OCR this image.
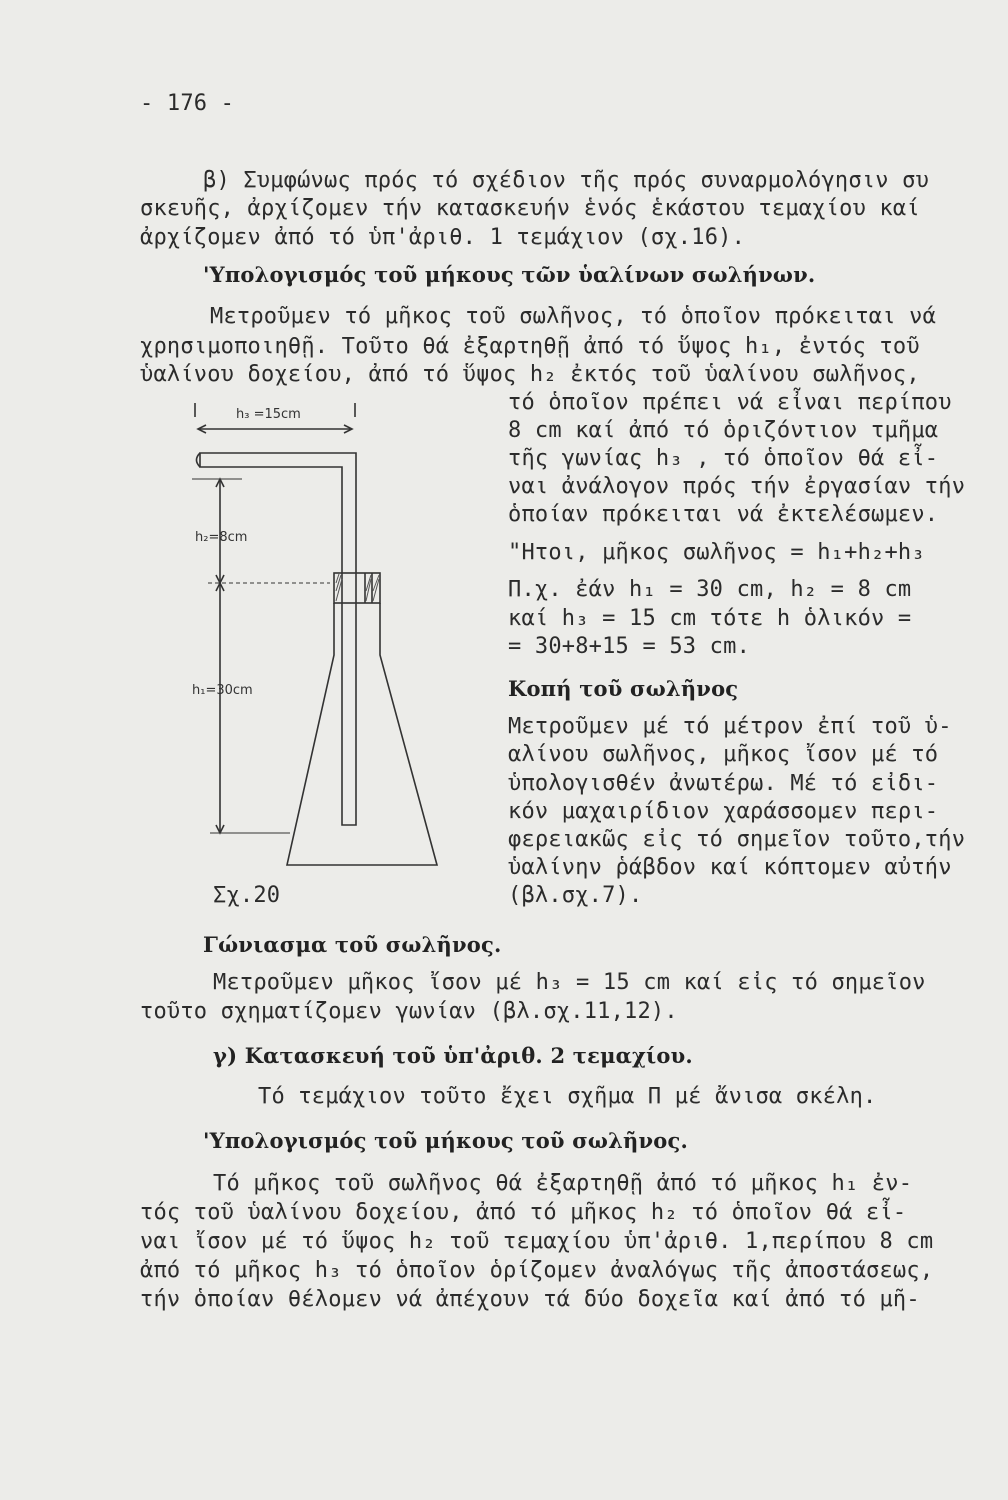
- 176 -
β) Συμφώνως πρός τό σχέδιον τῆς πρός συναρμολόγησιν συ
σκευῆς, ἀρχίζομεν τήν κατασκευήν ἑνός ἑκάστου τεμαχίου καί
ἀρχίζομεν ἀπό τό ὑπ'ἀριθ. 1 τεμάχιον (σχ.16).
'Υπολογισμός τοῦ μήκους τῶν ὑαλίνων σωλήνων.
Μετροῦμεν τό μῆκος τοῦ σωλῆνος, τό ὁποῖον πρόκειται νά
χρησιμοποιηθῇ. Τοῦτο θά ἐξαρτηθῇ ἀπό τό ὕψος h₁, ἐντός τοῦ
ὑαλίνου δοχείου, ἀπό τό ὕψος h₂ ἐκτός τοῦ ὑαλίνου σωλῆνος,
τό ὁποῖον πρέπει νά εἶναι περίπου
8 cm καί ἀπό τό ὁριζόντιον τμῆμα
τῆς γωνίας h₃ , τό ὁποῖον θά εἶ-
ναι ἀνάλογον πρός τήν ἐργασίαν τήν
ὁποίαν πρόκειται νά ἐκτελέσωμεν.
"Ητοι, μῆκος σωλῆνος = h₁+h₂+h₃
Π.χ. ἐάν h₁ = 30 cm, h₂ = 8 cm
καί h₃ = 15 cm τότε h ὁλικόν =
= 30+8+15 = 53 cm.
Κοπή τοῦ σωλῆνος
Μετροῦμεν μέ τό μέτρον ἐπί τοῦ ὑ-
αλίνου σωλῆνος, μῆκος ἴσον μέ τό
ὑπολογισθέν ἀνωτέρω. Μέ τό εἰδι-
κόν μαχαιρίδιον χαράσσομεν περι-
φερειακῶς εἰς τό σημεῖον τοῦτο,τήν
ὑαλίνην ῥάβδον καί κόπτομεν αὐτήν
(βλ.σχ.7).
h₃ =15cm
h₂=8cm
h₁=30cm
Σχ.20
Γώνιασμα τοῦ σωλῆνος.
Μετροῦμεν μῆκος ἴσον μέ h₃ = 15 cm καί εἰς τό σημεῖον
τοῦτο σχηματίζομεν γωνίαν (βλ.σχ.11,12).
γ) Κατασκευή τοῦ ὑπ'ἀριθ. 2 τεμαχίου.
Τό τεμάχιον τοῦτο ἔχει σχῆμα Π μέ ἄνισα σκέλη.
'Υπολογισμός τοῦ μήκους τοῦ σωλῆνος.
Τό μῆκος τοῦ σωλῆνος θά ἐξαρτηθῇ ἀπό τό μῆκος h₁ ἐν-
τός τοῦ ὑαλίνου δοχείου, ἀπό τό μῆκος h₂ τό ὁποῖον θά εἶ-
ναι ἴσον μέ τό ὕψος h₂ τοῦ τεμαχίου ὑπ'ἀριθ. 1,περίπου 8 cm
ἀπό τό μῆκος h₃ τό ὁποῖον ὁρίζομεν ἀναλόγως τῆς ἀποστάσεως,
τήν ὁποίαν θέλομεν νά ἀπέχουν τά δύο δοχεῖα καί ἀπό τό μῆ-
